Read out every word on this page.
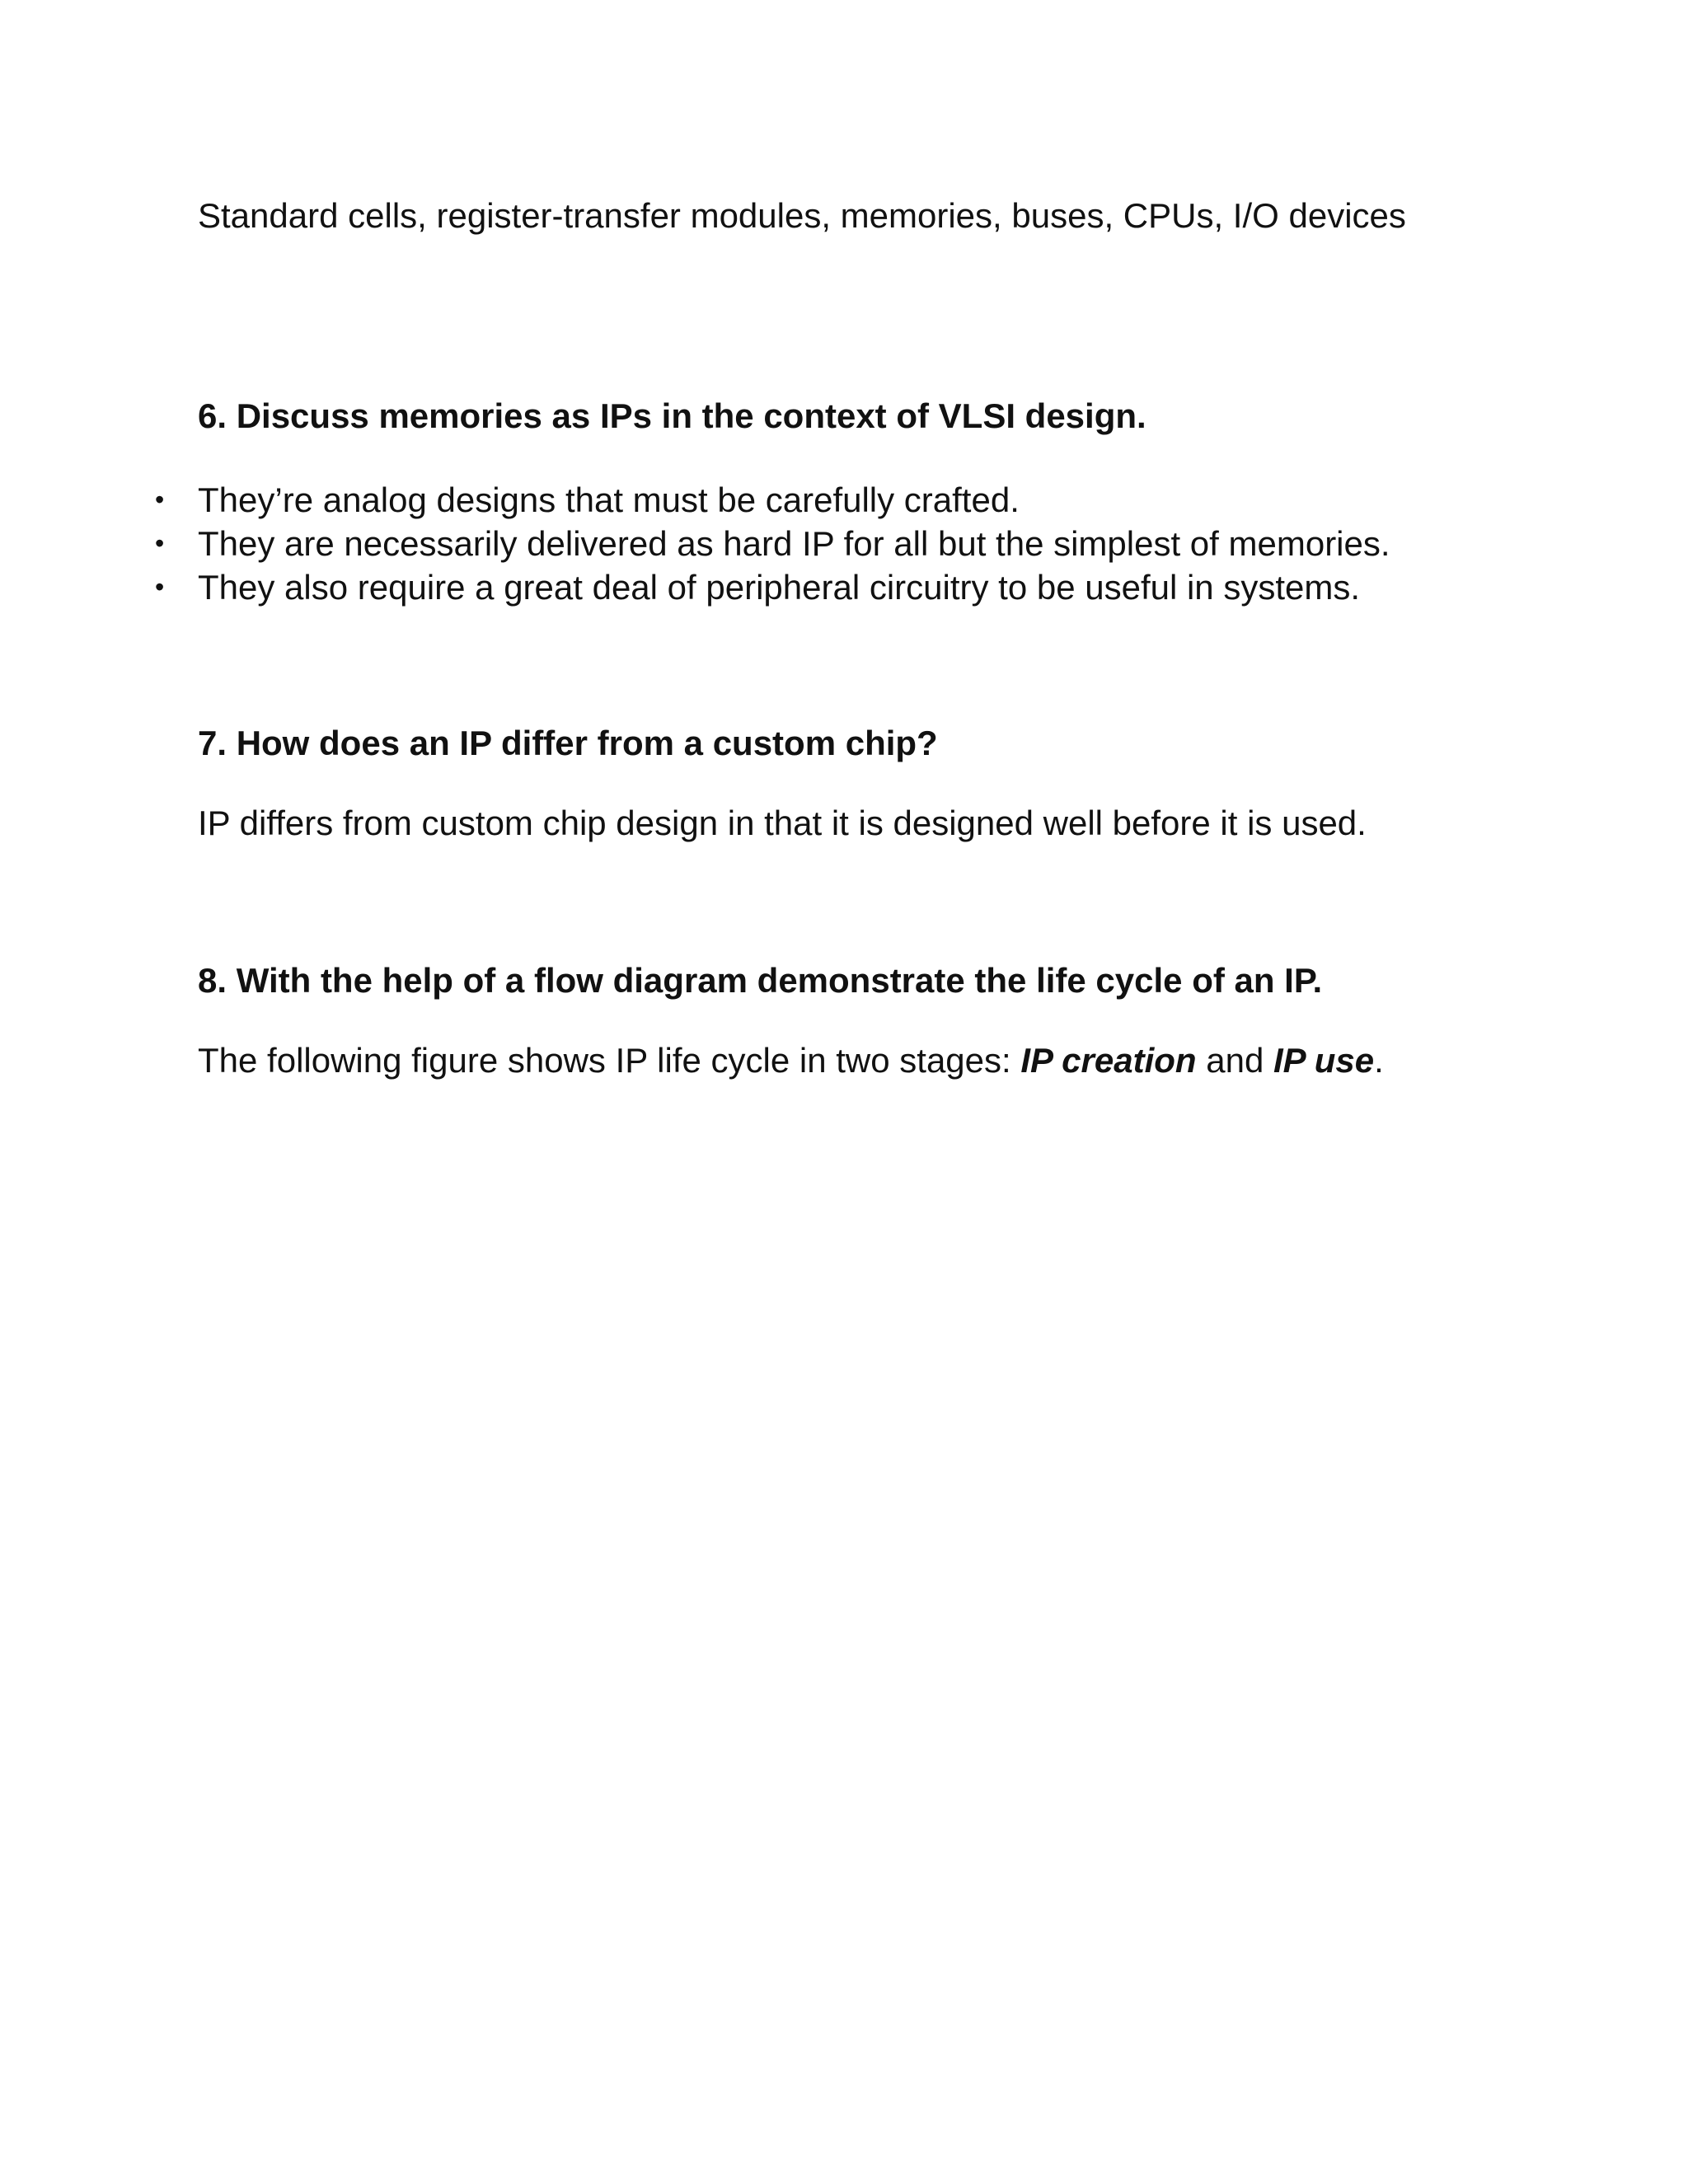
Standard cells, register-transfer modules, memories, buses, CPUs, I/O devices

6. Discuss memories as IPs in the context of VLSI design.

• They’re analog designs that must be carefully crafted.
• They are necessarily delivered as hard IP for all but the simplest of memories.
• They also require a great deal of peripheral circuitry to be useful in systems.

7. How does an IP differ from a custom chip?

IP differs from custom chip design in that it is designed well before it is used.

8. With the help of a flow diagram demonstrate the life cycle of an IP.

The following figure shows IP life cycle in two stages: IP creation and IP use.
